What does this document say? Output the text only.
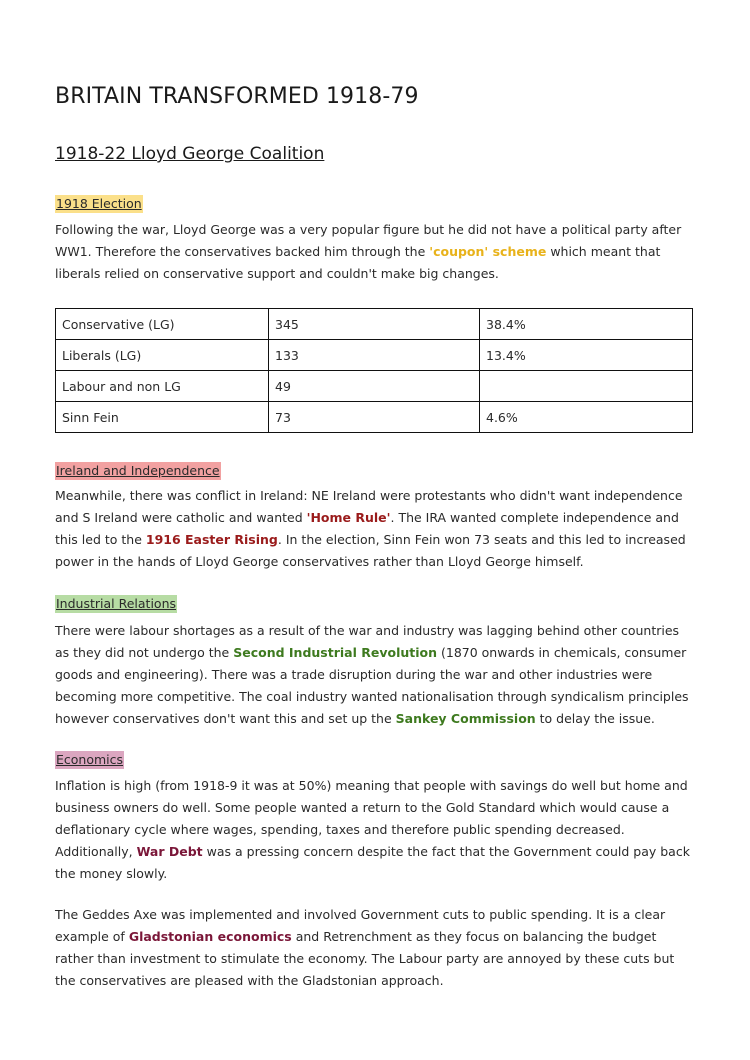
BRITAIN TRANSFORMED 1918-79
1918-22 Lloyd George Coalition
1918 Election

Following the war, Lloyd George was a very popular figure but he did not have a political party after WW1. Therefore the conservatives backed him through the 'coupon' scheme which meant that liberals relied on conservative support and couldn't make big changes.

Conservative (LG)	345	38.4%
Liberals (LG)	133	13.4%
Labour and non LG	49	
Sinn Fein	73	4.6%
Ireland and Independence

Meanwhile, there was conflict in Ireland: NE Ireland were protestants who didn't want independence and S Ireland were catholic and wanted 'Home Rule'. The IRA wanted complete independence and this led to the 1916 Easter Rising. In the election, Sinn Fein won 73 seats and this led to increased power in the hands of Lloyd George conservatives rather than Lloyd George himself.

Industrial Relations

There were labour shortages as a result of the war and industry was lagging behind other countries as they did not undergo the Second Industrial Revolution (1870 onwards in chemicals, consumer goods and engineering). There was a trade disruption during the war and other industries were becoming more competitive. The coal industry wanted nationalisation through syndicalism principles however conservatives don't want this and set up the Sankey Commission to delay the issue.

Economics

Inflation is high (from 1918-9 it was at 50%) meaning that people with savings do well but home and business owners do well. Some people wanted a return to the Gold Standard which would cause a deflationary cycle where wages, spending, taxes and therefore public spending decreased. Additionally, War Debt was a pressing concern despite the fact that the Government could pay back the money slowly.

The Geddes Axe was implemented and involved Government cuts to public spending. It is a clear example of Gladstonian economics and Retrenchment as they focus on balancing the budget rather than investment to stimulate the economy. The Labour party are annoyed by these cuts but the conservatives are pleased with the Gladstonian approach.
